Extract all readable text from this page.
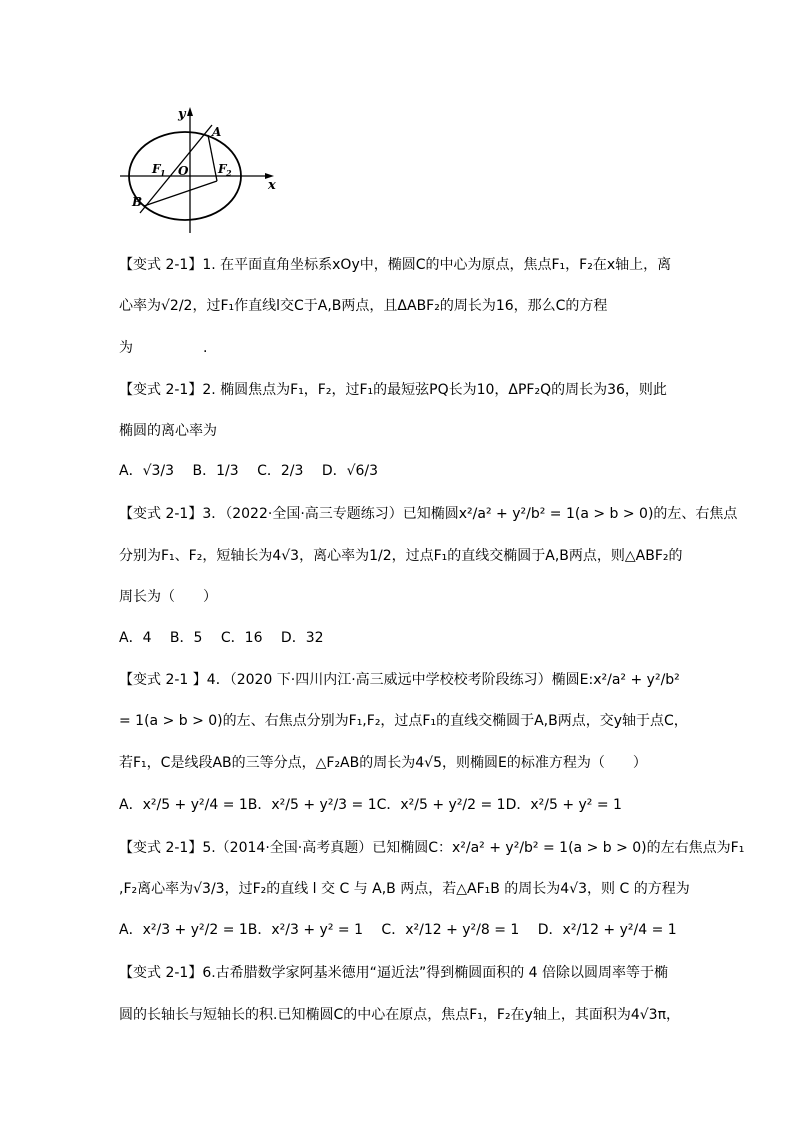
y
x
A
B
O
F 1	F 2
【变式 2-1】1. 在平面直角坐标系xOy中，椭圆C的中心为原点，焦点F₁，F₂在x轴上，离
心率为√2/2，过F₁作直线l交C于A,B两点，且ΔABF₂的周长为16，那么C的方程
为　　　　　.
【变式 2-1】2. 椭圆焦点为F₁，F₂，过F₁的最短弦PQ长为10，ΔPF₂Q的周长为36，则此
椭圆的离心率为
A．√3/3　 B．1/3　 C．2/3　 D．√6/3
【变式 2-1】3．（2022·全国·高三专题练习）已知椭圆x²/a² + y²/b² = 1(a > b > 0)的左、右焦点
分别为F₁、F₂，短轴长为4√3，离心率为1/2，过点F₁的直线交椭圆于A,B两点，则△ABF₂的
周长为（　　）
A．4　 B．5　 C．16　 D．32
【变式 2-1 】4．（2020 下·四川内江·高三威远中学校校考阶段练习）椭圆E:x²/a² + y²/b²
= 1(a > b > 0)的左、右焦点分别为F₁,F₂，过点F₁的直线交椭圆于A,B两点，交y轴于点C，
若F₁，C是线段AB的三等分点，△F₂AB的周长为4√5，则椭圆E的标准方程为（　　）
A．x²/5 + y²/4 = 1B．x²/5 + y²/3 = 1C．x²/5 + y²/2 = 1D．x²/5 + y² = 1
【变式 2-1】5.（2014·全国·高考真题）已知椭圆C：x²/a² + y²/b² = 1(a > b > 0)的左右焦点为F₁
,F₂离心率为√3/3，过F₂的直线 l 交 C 与 A,B 两点，若△AF₁B 的周长为4√3，则 C 的方程为
A．x²/3 + y²/2 = 1B．x²/3 + y² = 1　 C．x²/12 + y²/8 = 1　 D．x²/12 + y²/4 = 1
【变式 2-1】6.古希腊数学家阿基米德用“逼近法”得到椭圆面积的 4 倍除以圆周率等于椭
圆的长轴长与短轴长的积.已知椭圆C的中心在原点，焦点F₁，F₂在y轴上，其面积为4√3π，
